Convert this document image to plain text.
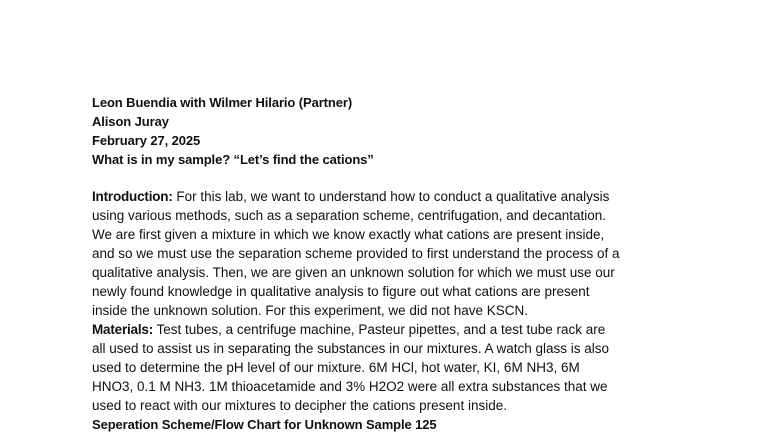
Leon Buendia with Wilmer Hilario (Partner)
Alison Juray
February 27, 2025
What is in my sample? “Let’s find the cations”
Introduction: For this lab, we want to understand how to conduct a qualitative analysis
using various methods, such as a separation scheme, centrifugation, and decantation.
We are first given a mixture in which we know exactly what cations are present inside,
and so we must use the separation scheme provided to first understand the process of a
qualitative analysis. Then, we are given an unknown solution for which we must use our
newly found knowledge in qualitative analysis to figure out what cations are present
inside the unknown solution. For this experiment, we did not have KSCN.
Materials: Test tubes, a centrifuge machine, Pasteur pipettes, and a test tube rack are
all used to assist us in separating the substances in our mixtures. A watch glass is also
used to determine the pH level of our mixture. 6M HCl, hot water, KI, 6M NH3, 6M
HNO3, 0.1 M NH3. 1M thioacetamide and 3% H2O2 were all extra substances that we
used to react with our mixtures to decipher the cations present inside.
Seperation Scheme/Flow Chart for Unknown Sample 125
